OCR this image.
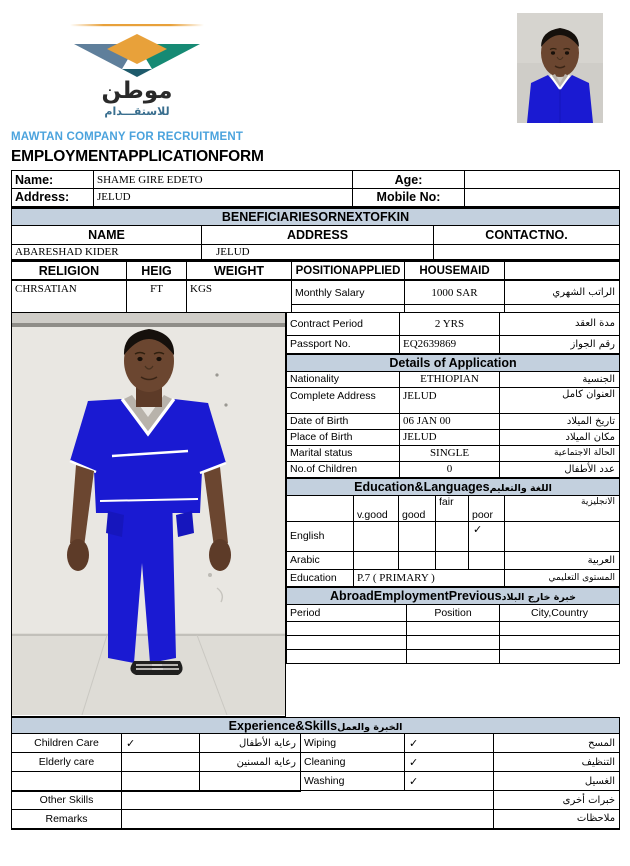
موطن
للاستقـــدام
MAWTAN COMPANY FOR RECRUITMENT
EMPLOYMENTAPPLICATIONFORM
Name:	SHAME GIRE EDETO	Age:	
Address:	JELUD	Mobile No:	
BENEFICIARIESORNEXTOFKIN		
NAME	ADDRESS	CONTACTNO.
ABARESHAD KIDER	JELUD	
RELIGION	HEIG	WEIGHT	POSITIONAPPLIED	HOUSEMAID	
CHRSATIAN	FT	KGS	Monthly Salary	1000 SAR	الراتب الشهري

Contract Period	2 YRS	مدة العقد
Passport No.	EQ2639869	رقم الجواز
Details of Application		
Nationality	ETHIOPIAN	الجنسية
Complete Address	JELUD	العنوان كامل
Date of Birth	06 JAN 00	تاريخ الميلاد
Place of Birth	JELUD	مكان الميلاد
Marital status	SINGLE	الحالة الاجتماعية
No.of Children	0	عدد الأطفال
Education&Languagesاللغة والتعليم					
	v.good	good	fair	poor	الانجليزية

English				✓	
Arabic					العربية
Education	P.7 ( PRIMARY )				المستوى التعليمي
AbroadEmploymentPreviousخبرة خارج البلاد		
Period	Position	City,Country

Experience&Skillsالخبرة والعمل					
Children Care	✓	رعاية الأطفال	Wiping	✓	المسح
Elderly care		رعاية المسنين	Cleaning	✓	التنظيف
			Washing	✓	الغسيل
Other Skills					خبرات أخرى
Remarks					ملاحظات
